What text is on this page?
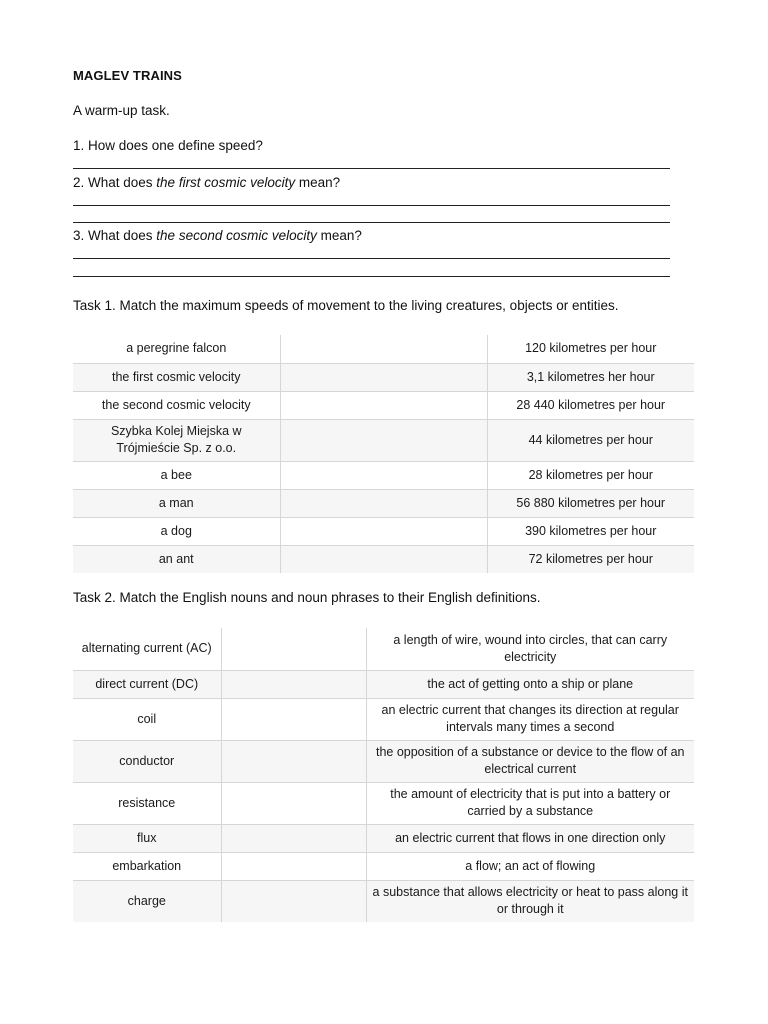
MAGLEV TRAINS
A warm-up task.
1. How does one define speed?
2. What does the first cosmic velocity mean?
3. What does the second cosmic velocity mean?
Task 1. Match the maximum speeds of movement to the living creatures, objects or entities.
a peregrine falcon		120 kilometres per hour
the first cosmic velocity		3,1 kilometres her hour
the second cosmic velocity		28 440 kilometres per hour
Szybka Kolej Miejska w Trójmieście Sp. z o.o.		44 kilometres per hour
a bee		28 kilometres per hour
a man		56 880 kilometres per hour
a dog		390 kilometres per hour
an ant		72 kilometres per hour
Task 2. Match the English nouns and noun phrases to their English definitions.
alternating current (AC)		a length of wire, wound into circles, that can carry electricity
direct current (DC)		the act of getting onto a ship or plane
coil		an electric current that changes its direction at regular intervals many times a second
conductor		the opposition of a substance or device to the flow of an electrical current
resistance		the amount of electricity that is put into a battery or carried by a substance
flux		an electric current that flows in one direction only
embarkation		a flow; an act of flowing
charge		a substance that allows electricity or heat to pass along it or through it
